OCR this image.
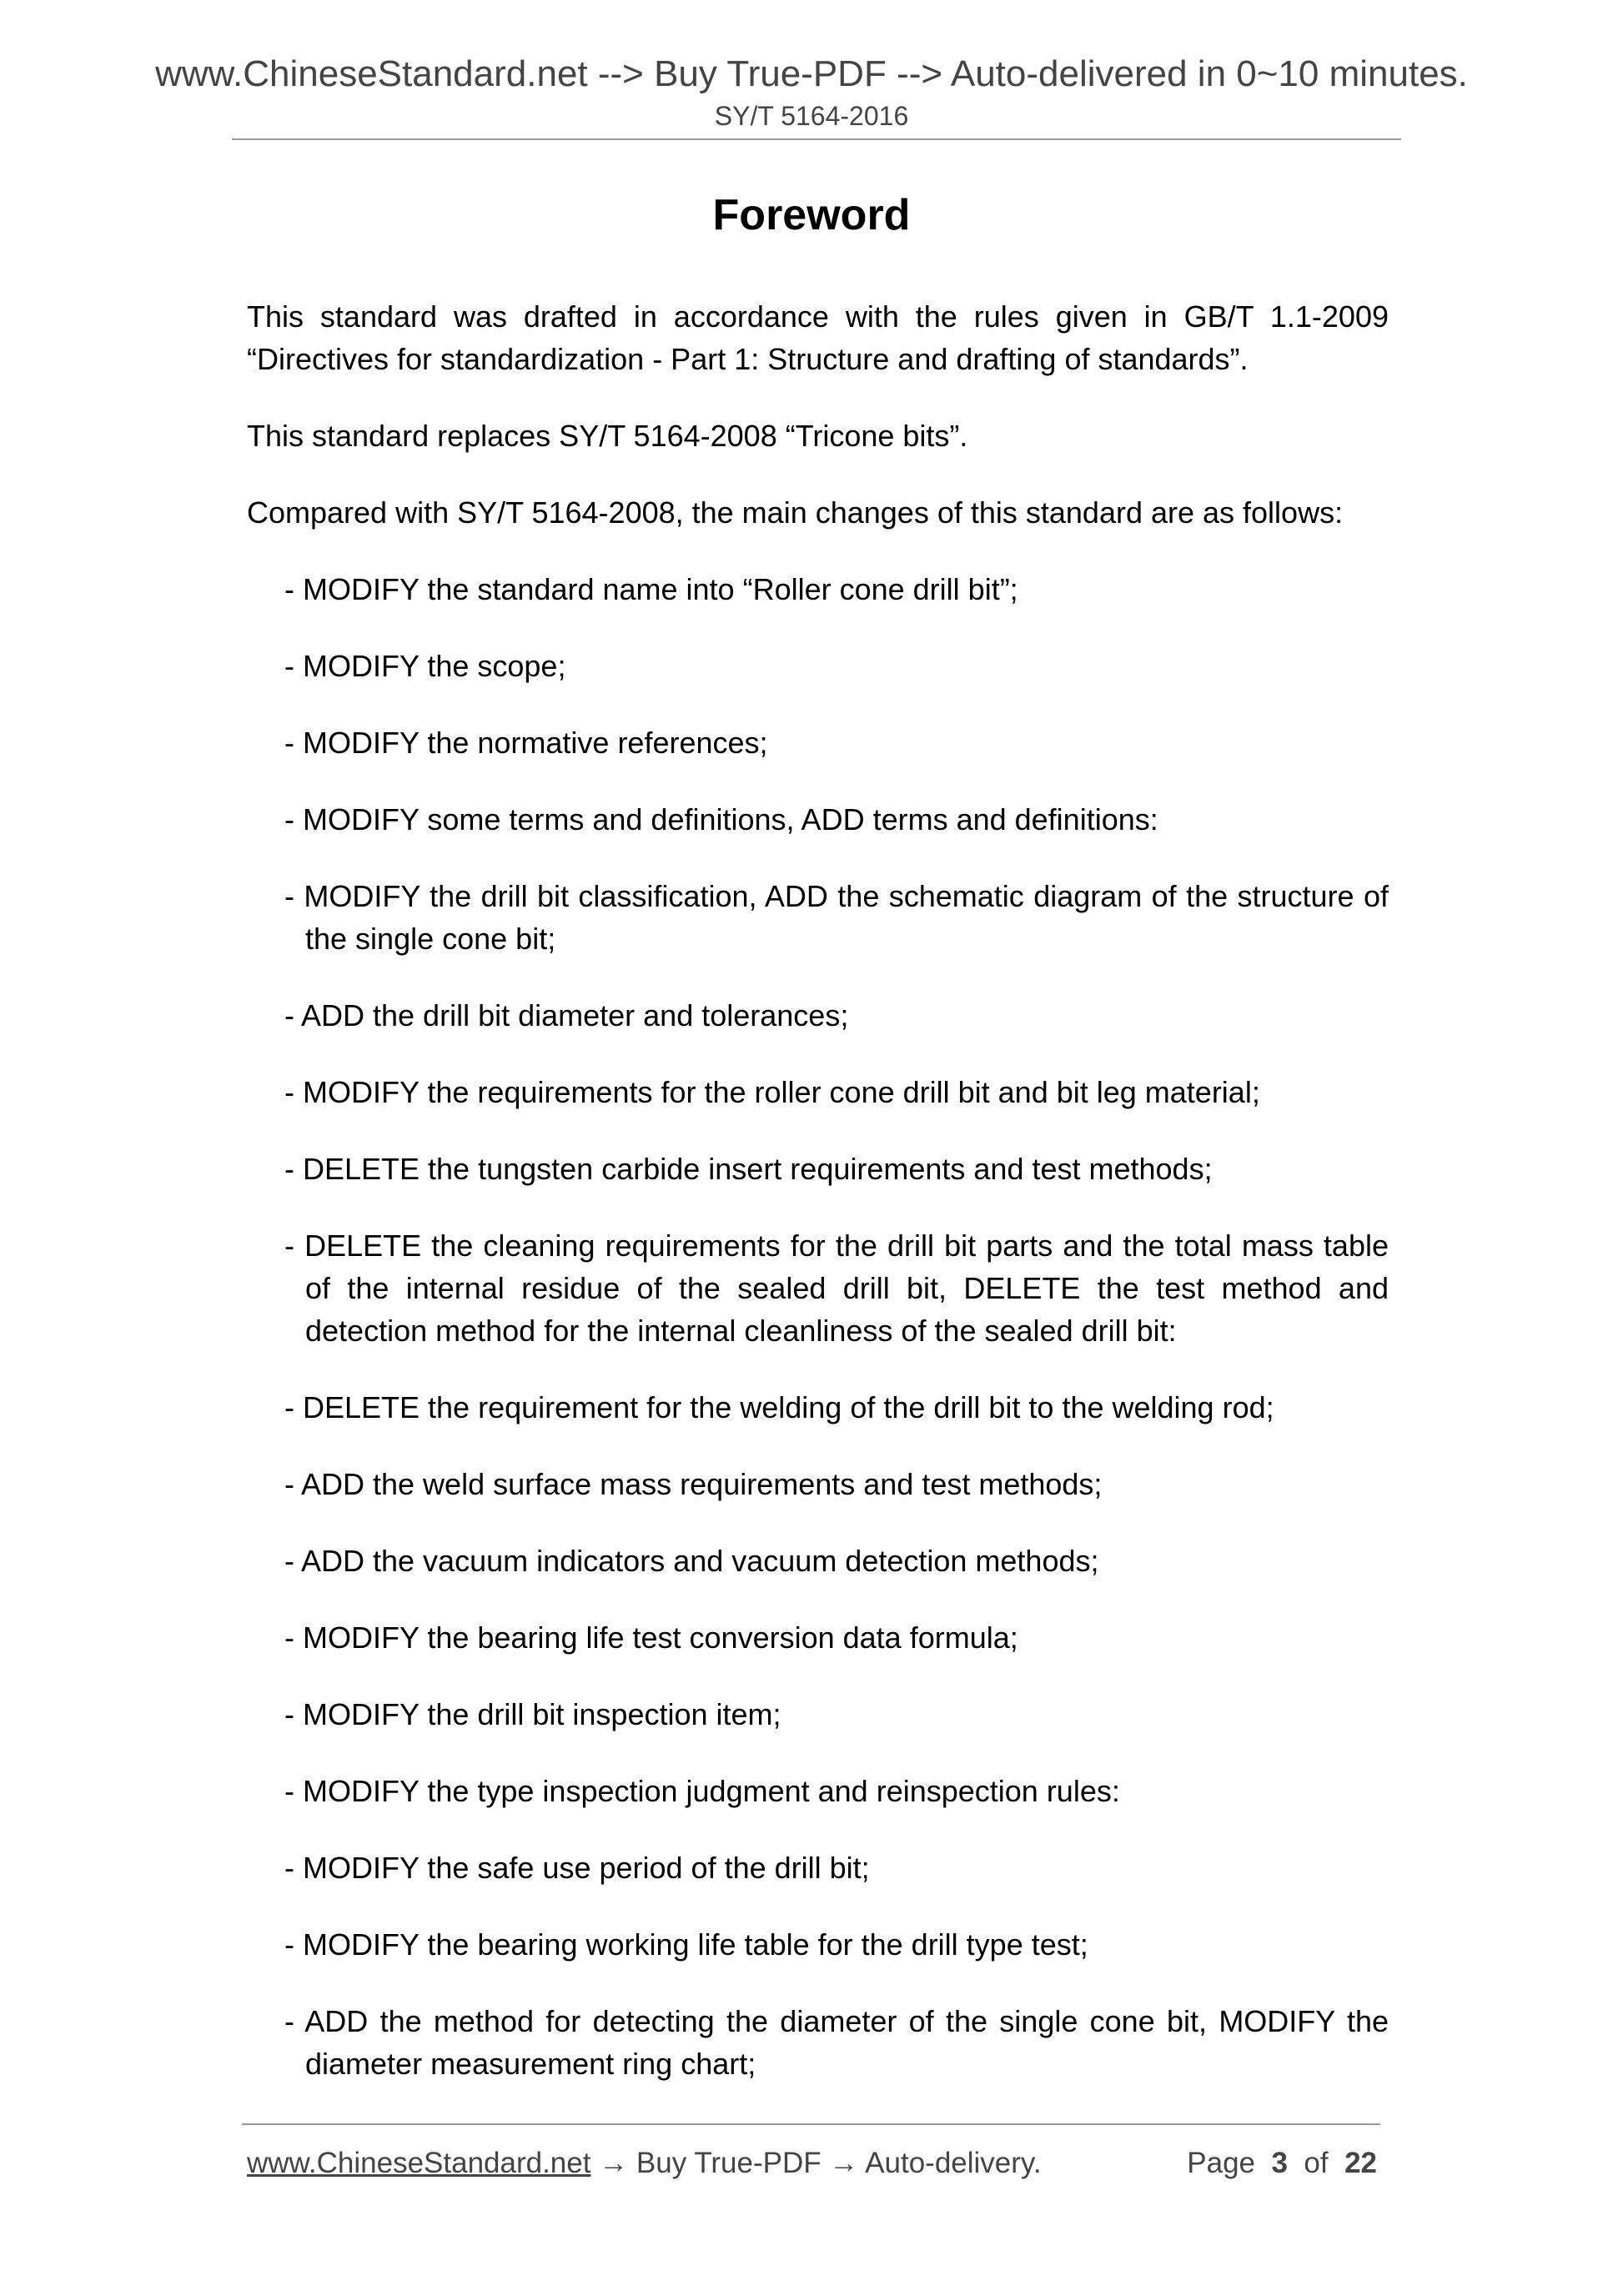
www.ChineseStandard.net --> Buy True-PDF --> Auto-delivered in 0~10 minutes.
SY/T 5164-2016
Foreword

This standard was drafted in accordance with the rules given in GB/T 1.1-2009 “Directives for standardization - Part 1: Structure and drafting of standards”.

This standard replaces SY/T 5164-2008 “Tricone bits”.

Compared with SY/T 5164-2008, the main changes of this standard are as follows:

- MODIFY the standard name into “Roller cone drill bit”;

- MODIFY the scope;

- MODIFY the normative references;

- MODIFY some terms and definitions, ADD terms and definitions:

- MODIFY the drill bit classification, ADD the schematic diagram of the structure of the single cone bit;

- ADD the drill bit diameter and tolerances;

- MODIFY the requirements for the roller cone drill bit and bit leg material;

- DELETE the tungsten carbide insert requirements and test methods;

- DELETE the cleaning requirements for the drill bit parts and the total mass table of the internal residue of the sealed drill bit, DELETE the test method and detection method for the internal cleanliness of the sealed drill bit:

- DELETE the requirement for the welding of the drill bit to the welding rod;

- ADD the weld surface mass requirements and test methods;

- ADD the vacuum indicators and vacuum detection methods;

- MODIFY the bearing life test conversion data formula;

- MODIFY the drill bit inspection item;

- MODIFY the type inspection judgment and reinspection rules:

- MODIFY the safe use period of the drill bit;

- MODIFY the bearing working life table for the drill type test;

- ADD the method for detecting the diameter of the single cone bit, MODIFY the diameter measurement ring chart;

www.ChineseStandard.net → Buy True-PDF → Auto-delivery.	Page 3 of 22
